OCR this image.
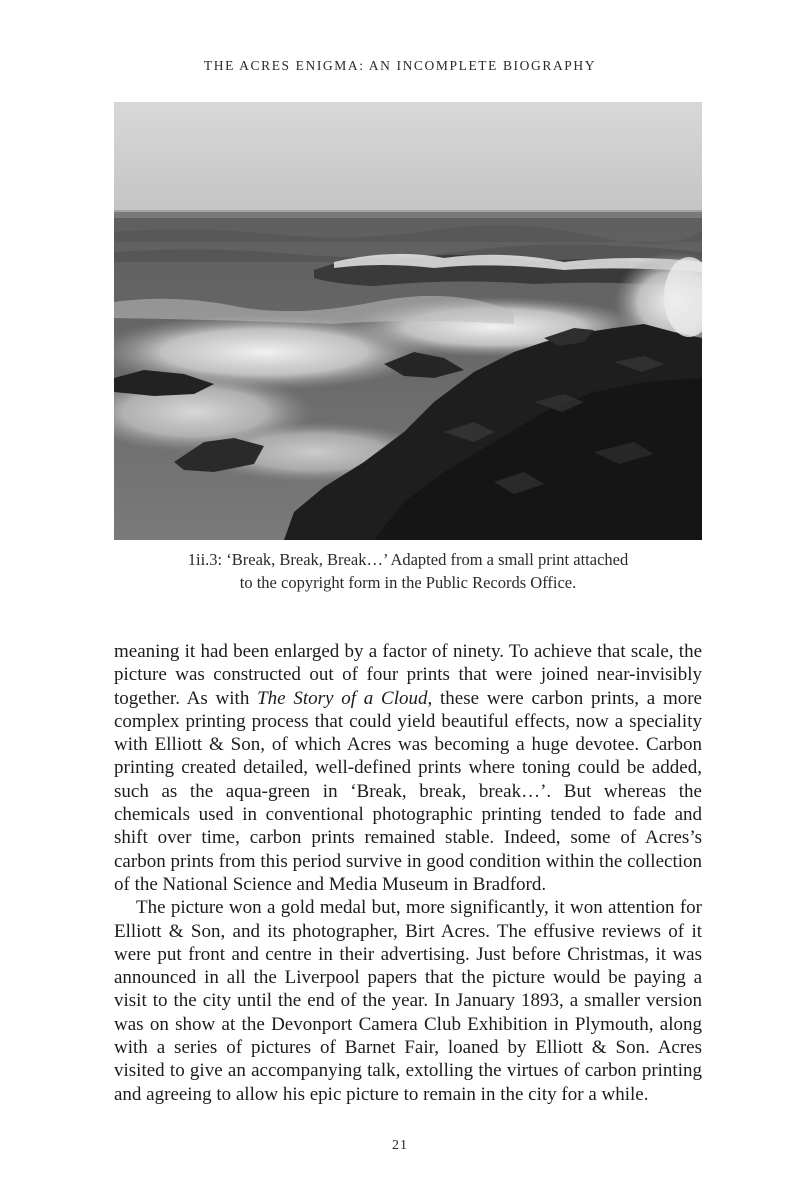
THE ACRES ENIGMA: AN INCOMPLETE BIOGRAPHY
1ii.3: ‘Break, Break, Break…’ Adapted from a small print attached
to the copyright form in the Public Records Office.

meaning it had been enlarged by a factor of ninety. To achieve that scale, the picture was constructed out of four prints that were joined near-invisibly together. As with The Story of a Cloud, these were carbon prints, a more complex printing process that could yield beautiful effects, now a speciality with Elliott & Son, of which Acres was becoming a huge devotee. Carbon printing created detailed, well-defined prints where toning could be added, such as the aqua-green in ‘Break, break, break…’. But whereas the chemicals used in conventional photographic printing tended to fade and shift over time, carbon prints remained stable. Indeed, some of Acres’s carbon prints from this period survive in good condition within the collection of the National Science and Media Museum in Bradford.

The picture won a gold medal but, more significantly, it won attention for Elliott & Son, and its photographer, Birt Acres. The effusive reviews of it were put front and centre in their advertising. Just before Christmas, it was announced in all the Liverpool papers that the picture would be paying a visit to the city until the end of the year. In January 1893, a smaller version was on show at the Devonport Camera Club Exhibition in Plymouth, along with a series of pictures of Barnet Fair, loaned by Elliott & Son. Acres visited to give an accompanying talk, extolling the virtues of carbon printing and agreeing to allow his epic picture to remain in the city for a while.

21
